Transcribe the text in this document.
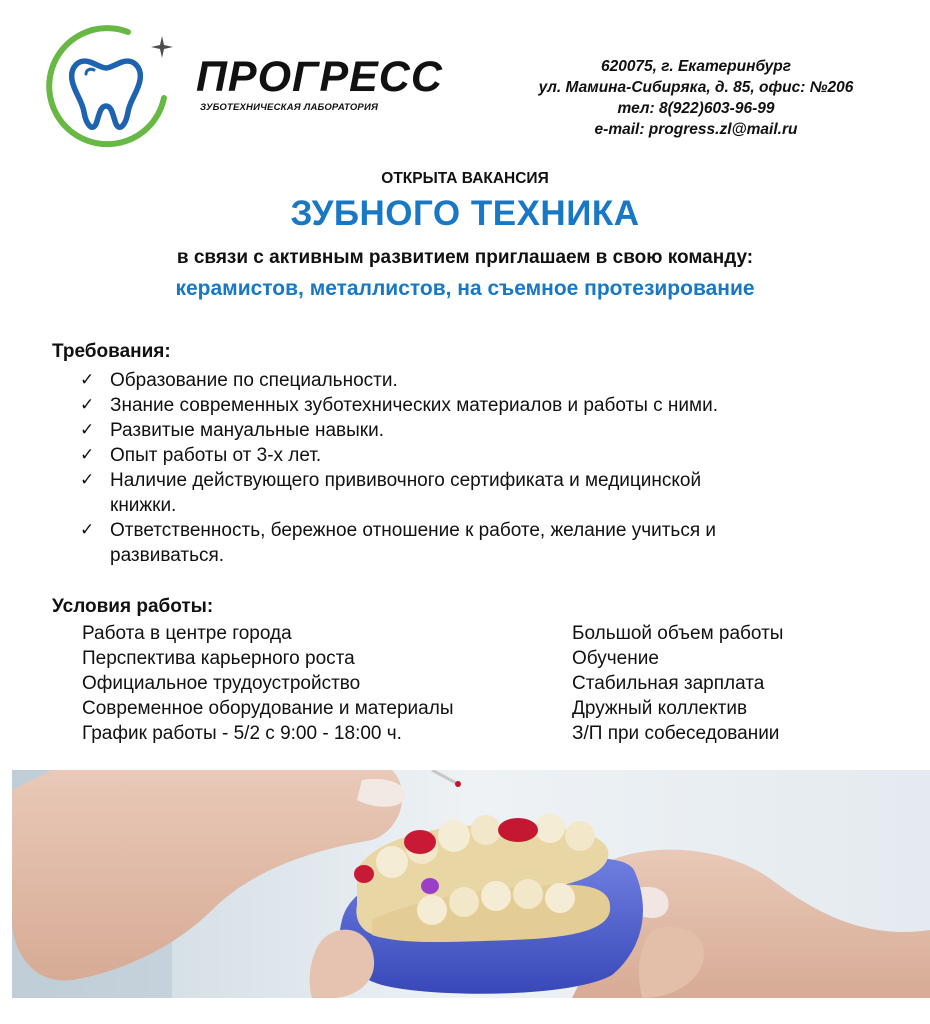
ПРОГРЕСС
ЗУБОТЕХНИЧЕСКАЯ ЛАБОРАТОРИЯ
620075, г. Екатеринбург
ул. Мамина-Сибиряка, д. 85, офис: №206
тел: 8(922)603-96-99
e-mail: progress.zl@mail.ru
ОТКРЫТА ВАКАНСИЯ
ЗУБНОГО ТЕХНИКА
в связи с активным развитием приглашаем в свою команду:
керамистов, металлистов, на съемное протезирование
Требования:
✓ Образование по специальности.
✓ Знание современных зуботехнических материалов и работы с ними.
✓ Развитые мануальные навыки.
✓ Опыт работы от 3-х лет.
✓ Наличие действующего прививочного сертификата и медицинской
книжки.
✓ Ответственность, бережное отношение к работе, желание учиться и
развиваться.
Условия работы:
Работа в центре города
Перспектива карьерного роста
Официальное трудоустройство
Современное оборудование и материалы
График работы - 5/2 с 9:00 - 18:00 ч.
Большой объем работы
Обучение
Стабильная зарплата
Дружный коллектив
З/П при собеседовании
